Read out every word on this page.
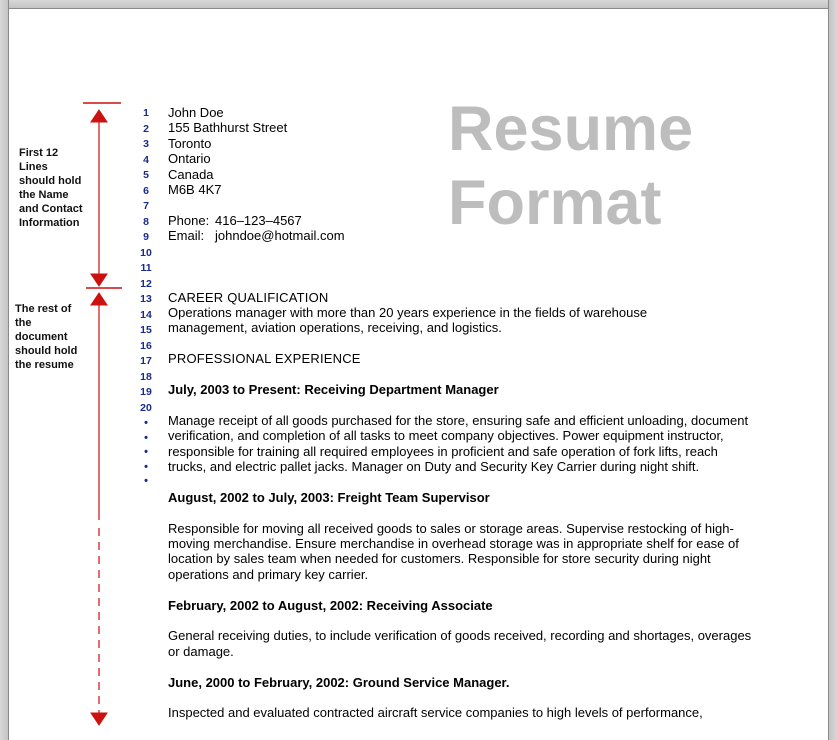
First 12
Lines
should hold
the Name
and Contact
Information
The rest of
the
document
should hold
the resume
1
2
3
4
5
6
7
8
9
10
11
12
13
14
15
16
17
18
19
20
•
•
•
•
•
Resume
Format
John Doe
155 Bathhurst Street
Toronto
Ontario
Canada
M6B 4K7
Phone: 416–123–4567
Email: johndoe@hotmail.com
CAREER QUALIFICATION
Operations manager with more than 20 years experience in the fields of warehouse
management, aviation operations, receiving, and logistics.
PROFESSIONAL EXPERIENCE
July, 2003 to Present: Receiving Department Manager
Manage receipt of all goods purchased for the store, ensuring safe and efficient unloading, document verification, and completion of all tasks to meet company objectives. Power equipment instructor, responsible for training all required employees in proficient and safe operation of fork lifts, reach trucks, and electric pallet jacks. Manager on Duty and Security Key Carrier during night shift.
August, 2002 to July, 2003: Freight Team Supervisor
Responsible for moving all received goods to sales or storage areas. Supervise restocking of high-moving merchandise. Ensure merchandise in overhead storage was in appropriate shelf for ease of location by sales team when needed for customers. Responsible for store security during night operations and primary key carrier.
February, 2002 to August, 2002: Receiving Associate
General receiving duties, to include verification of goods received, recording and shortages, overages or damage.
June, 2000 to February, 2002: Ground Service Manager.
Inspected and evaluated contracted aircraft service companies to high levels of performance,
